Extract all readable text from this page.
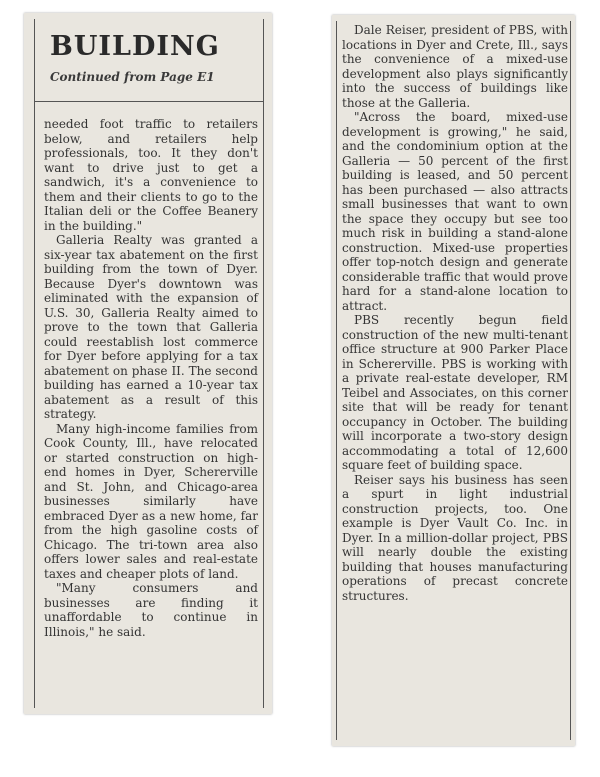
BUILDING
Continued from Page E1

needed foot traffic to retailers below, and retailers help professionals, too. It they don't want to drive just to get a sandwich, it's a convenience to them and their clients to go to the Italian deli or the Coffee Beanery in the building."

Galleria Realty was granted a six-year tax abatement on the first building from the town of Dyer. Because Dyer's downtown was eliminated with the expansion of U.S. 30, Galleria Realty aimed to prove to the town that Galleria could reestablish lost commerce for Dyer before applying for a tax abatement on phase II. The second building has earned a 10-year tax abatement as a result of this strategy.

Many high-income families from Cook County, Ill., have relocated or started construction on high-end homes in Dyer, Schererville and St. John, and Chicago-area businesses similarly have embraced Dyer as a new home, far from the high gasoline costs of Chicago. The tri-town area also offers lower sales and real-estate taxes and cheaper plots of land.

"Many consumers and businesses are finding it unaffordable to continue in Illinois," he said.

Dale Reiser, president of PBS, with locations in Dyer and Crete, Ill., says the convenience of a mixed-use development also plays significantly into the success of buildings like those at the Galleria.

"Across the board, mixed-use development is growing," he said, and the condominium option at the Galleria — 50 percent of the first building is leased, and 50 percent has been purchased — also attracts small businesses that want to own the space they occupy but see too much risk in building a stand-alone construction. Mixed-use properties offer top-notch design and generate considerable traffic that would prove hard for a stand-alone location to attract.

PBS recently begun field construction of the new multi-tenant office structure at 900 Parker Place in Schererville. PBS is working with a private real-estate developer, RM Teibel and Associates, on this corner site that will be ready for tenant occupancy in October. The building will incorporate a two-story design accommodating a total of 12,600 square feet of building space.

Reiser says his business has seen a spurt in light industrial construction projects, too. One example is Dyer Vault Co. Inc. in Dyer. In a million-dollar project, PBS will nearly double the existing building that houses manufacturing operations of precast concrete structures.
